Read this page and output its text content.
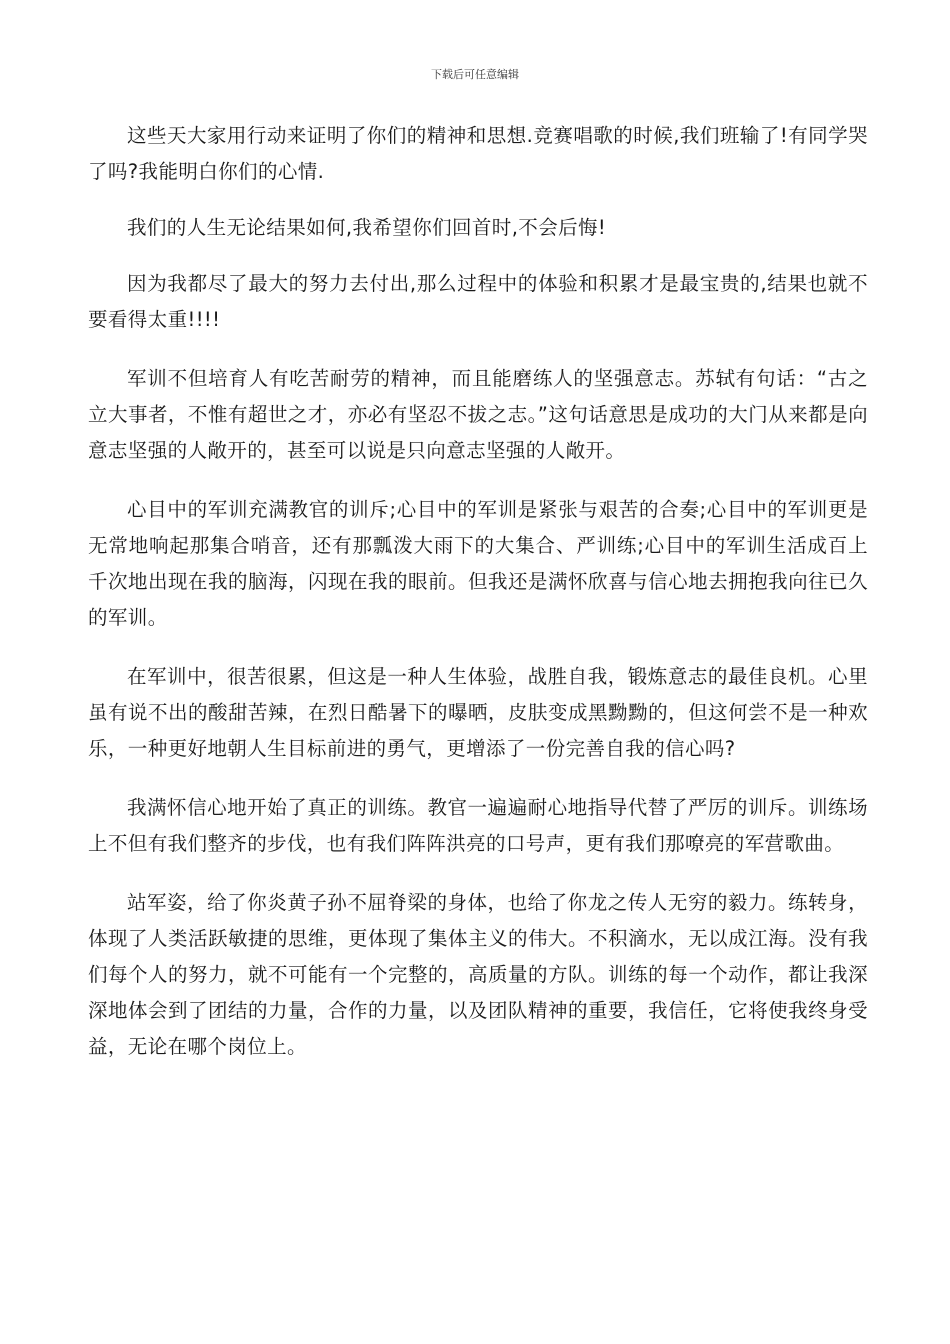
下载后可任意编辑

这些天大家用行动来证明了你们的精神和思想.竞赛唱歌的时候,我们班输了!有同学哭了吗?我能明白你们的心情.

我们的人生无论结果如何,我希望你们回首时,不会后悔!

因为我都尽了最大的努力去付出,那么过程中的体验和积累才是最宝贵的,结果也就不要看得太重!!!!

军训不但培育人有吃苦耐劳的精神，而且能磨练人的坚强意志。苏轼有句话：“古之立大事者，不惟有超世之才，亦必有坚忍不拔之志。”这句话意思是成功的大门从来都是向意志坚强的人敞开的，甚至可以说是只向意志坚强的人敞开。

心目中的军训充满教官的训斥;心目中的军训是紧张与艰苦的合奏;心目中的军训更是无常地响起那集合哨音，还有那瓢泼大雨下的大集合、严训练;心目中的军训生活成百上千次地出现在我的脑海，闪现在我的眼前。但我还是满怀欣喜与信心地去拥抱我向往已久的军训。

在军训中，很苦很累，但这是一种人生体验，战胜自我，锻炼意志的最佳良机。心里虽有说不出的酸甜苦辣，在烈日酷暑下的曝晒，皮肤变成黑黝黝的，但这何尝不是一种欢乐，一种更好地朝人生目标前进的勇气，更增添了一份完善自我的信心吗?

我满怀信心地开始了真正的训练。教官一遍遍耐心地指导代替了严厉的训斥。训练场上不但有我们整齐的步伐，也有我们阵阵洪亮的口号声，更有我们那嘹亮的军营歌曲。

站军姿，给了你炎黄子孙不屈脊梁的身体，也给了你龙之传人无穷的毅力。练转身，体现了人类活跃敏捷的思维，更体现了集体主义的伟大。不积滴水，无以成江海。没有我们每个人的努力，就不可能有一个完整的，高质量的方队。训练的每一个动作，都让我深深地体会到了团结的力量，合作的力量，以及团队精神的重要，我信任，它将使我终身受益，无论在哪个岗位上。
